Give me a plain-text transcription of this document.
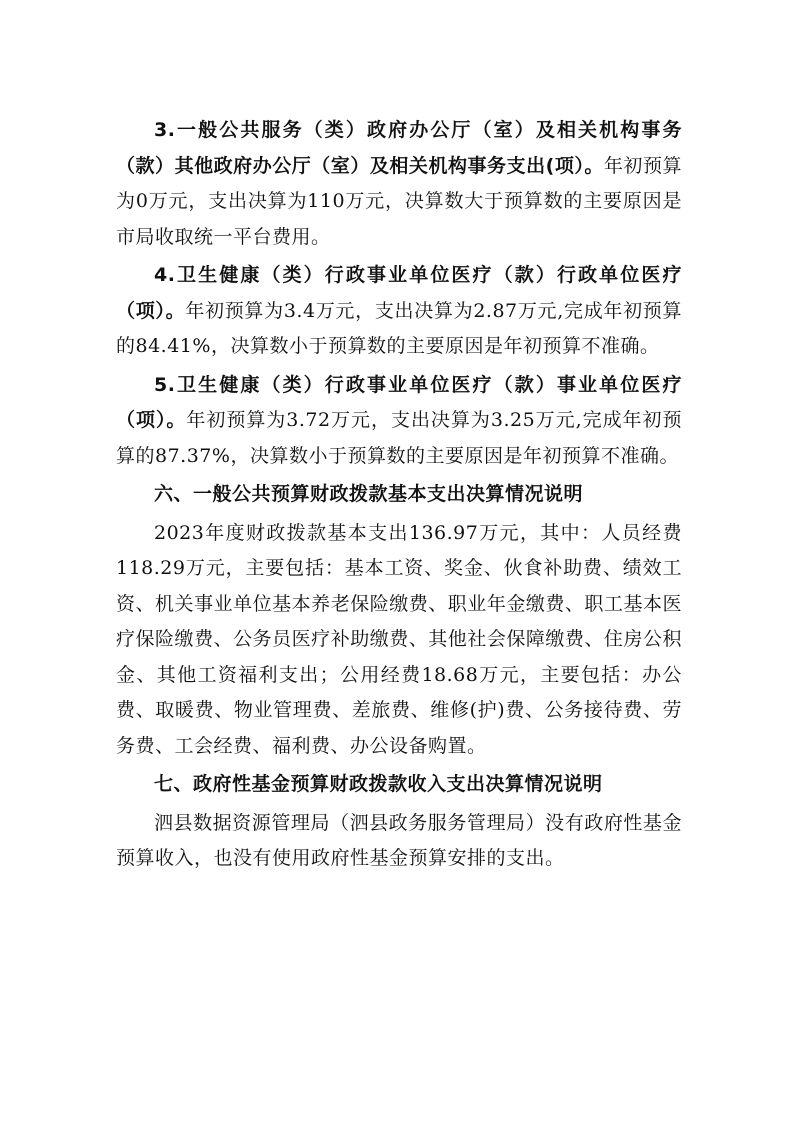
3.一般公共服务（类）政府办公厅（室）及相关机构事务（款）其他政府办公厅（室）及相关机构事务支出(项）。年初预算为0万元，支出决算为110万元，决算数大于预算数的主要原因是市局收取统一平台费用。

4.卫生健康（类）行政事业单位医疗（款）行政单位医疗（项）。年初预算为3.4万元，支出决算为2.87万元,完成年初预算的84.41%，决算数小于预算数的主要原因是年初预算不准确。

5.卫生健康（类）行政事业单位医疗（款）事业单位医疗（项）。年初预算为3.72万元，支出决算为3.25万元,完成年初预算的87.37%，决算数小于预算数的主要原因是年初预算不准确。

六、一般公共预算财政拨款基本支出决算情况说明

2023年度财政拨款基本支出136.97万元，其中：人员经费118.29万元，主要包括：基本工资、奖金、伙食补助费、绩效工资、机关事业单位基本养老保险缴费、职业年金缴费、职工基本医疗保险缴费、公务员医疗补助缴费、其他社会保障缴费、住房公积金、其他工资福利支出；公用经费18.68万元，主要包括：办公费、取暖费、物业管理费、差旅费、维修(护)费、公务接待费、劳务费、工会经费、福利费、办公设备购置。

七、政府性基金预算财政拨款收入支出决算情况说明

泗县数据资源管理局（泗县政务服务管理局）没有政府性基金预算收入，也没有使用政府性基金预算安排的支出。
